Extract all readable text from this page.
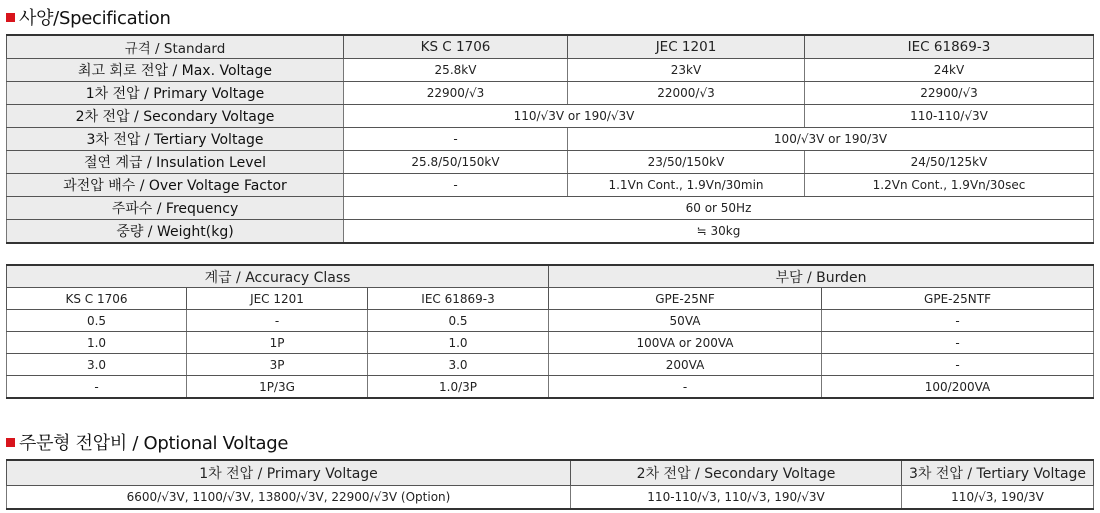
사양/Specification
규격 / Standard	KS C 1706	JEC 1201	IEC 61869-3
최고 회로 전압 / Max. Voltage	25.8kV	23kV	24kV
1차 전압 / Primary Voltage	22900/√3	22000/√3	22900/√3
2차 전압 / Secondary Voltage	110/√3V or 190/√3V		110-110/√3V
3차 전압 / Tertiary Voltage	-	100/√3V or 190/3V	
절연 계급 / Insulation Level	25.8/50/150kV	23/50/150kV	24/50/125kV
과전압 배수 / Over Voltage Factor	-	1.1Vn Cont., 1.9Vn/30min	1.2Vn Cont., 1.9Vn/30sec
주파수 / Frequency	60 or 50Hz		
중량 / Weight(kg)	≒ 30kg		
계급 / Accuracy Class			부담 / Burden	
KS C 1706	JEC 1201	IEC 61869-3	GPE-25NF	GPE-25NTF
0.5	-	0.5	50VA	-
1.0	1P	1.0	100VA or 200VA	-
3.0	3P	3.0	200VA	-
-	1P/3G	1.0/3P	-	100/200VA
주문형 전압비 / Optional Voltage
1차 전압 / Primary Voltage	2차 전압 / Secondary Voltage	3차 전압 / Tertiary Voltage
6600/√3V, 1100/√3V, 13800/√3V, 22900/√3V (Option)	110-110/√3, 110/√3, 190/√3V	110/√3, 190/3V
